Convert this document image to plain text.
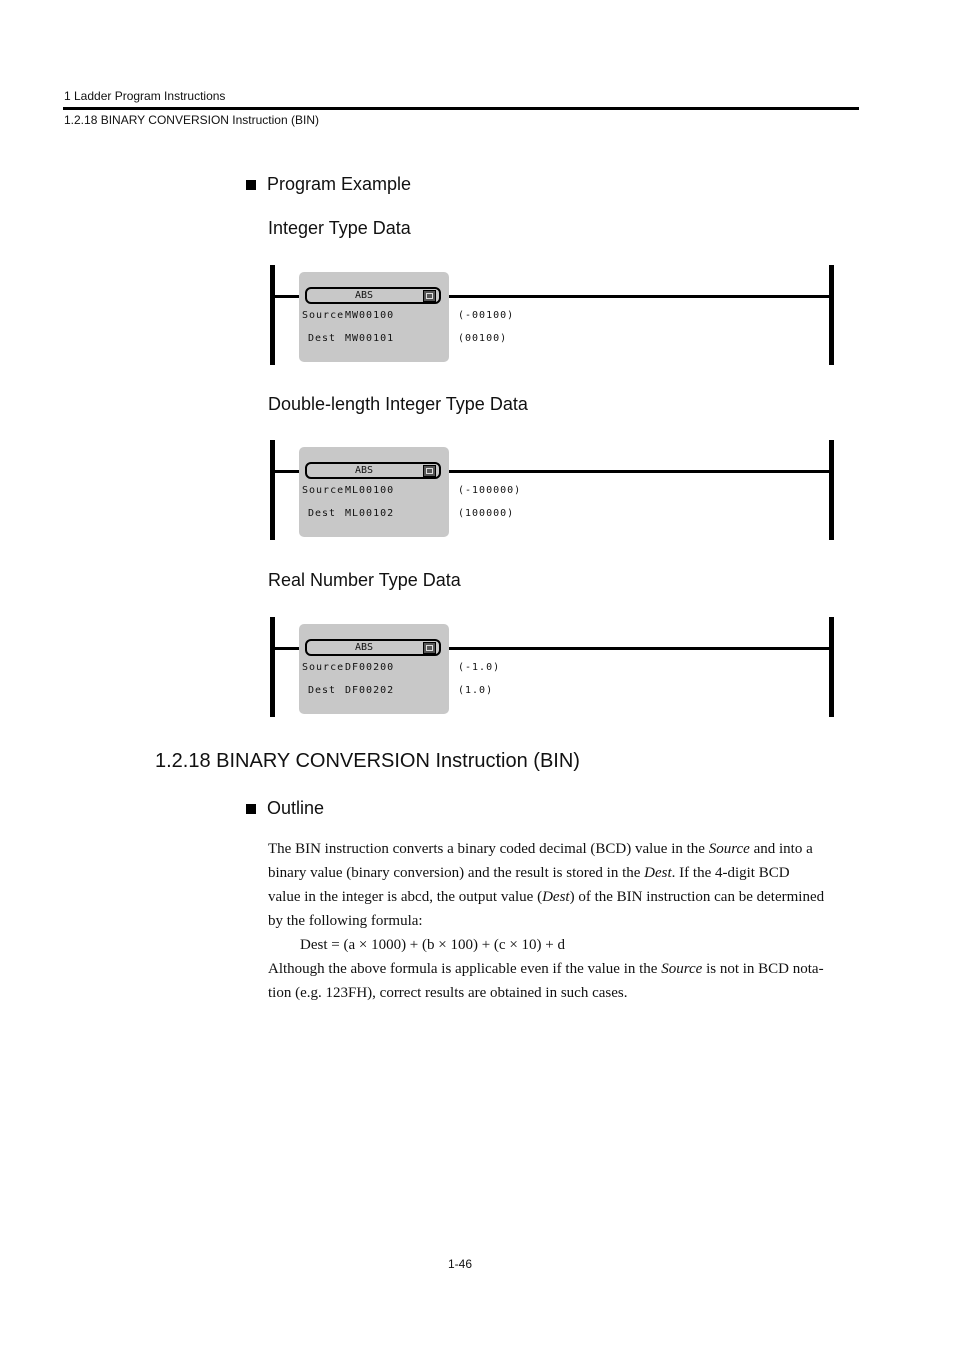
1 Ladder Program Instructions
1.2.18 BINARY CONVERSION Instruction (BIN)
Program Example
Integer Type Data
ABS
Source MW00100
Dest MW00101
(-00100)
(00100)
Double-length Integer Type Data
ABS
Source ML00100
Dest ML00102
(-100000)
(100000)
Real Number Type Data
ABS
Source DF00200
Dest DF00202
(-1.0)
(1.0)
1.2.18 BINARY CONVERSION Instruction (BIN)
Outline
The BIN instruction converts a binary coded decimal (BCD) value in the Source and into a
binary value (binary conversion) and the result is stored in the Dest. If the 4-digit BCD
value in the integer is abcd, the output value (Dest) of the BIN instruction can be determined
by the following formula:
Dest = (a × 1000) + (b × 100) + (c × 10) + d
Although the above formula is applicable even if the value in the Source is not in BCD nota-
tion (e.g. 123FH), correct results are obtained in such cases.
1-46
